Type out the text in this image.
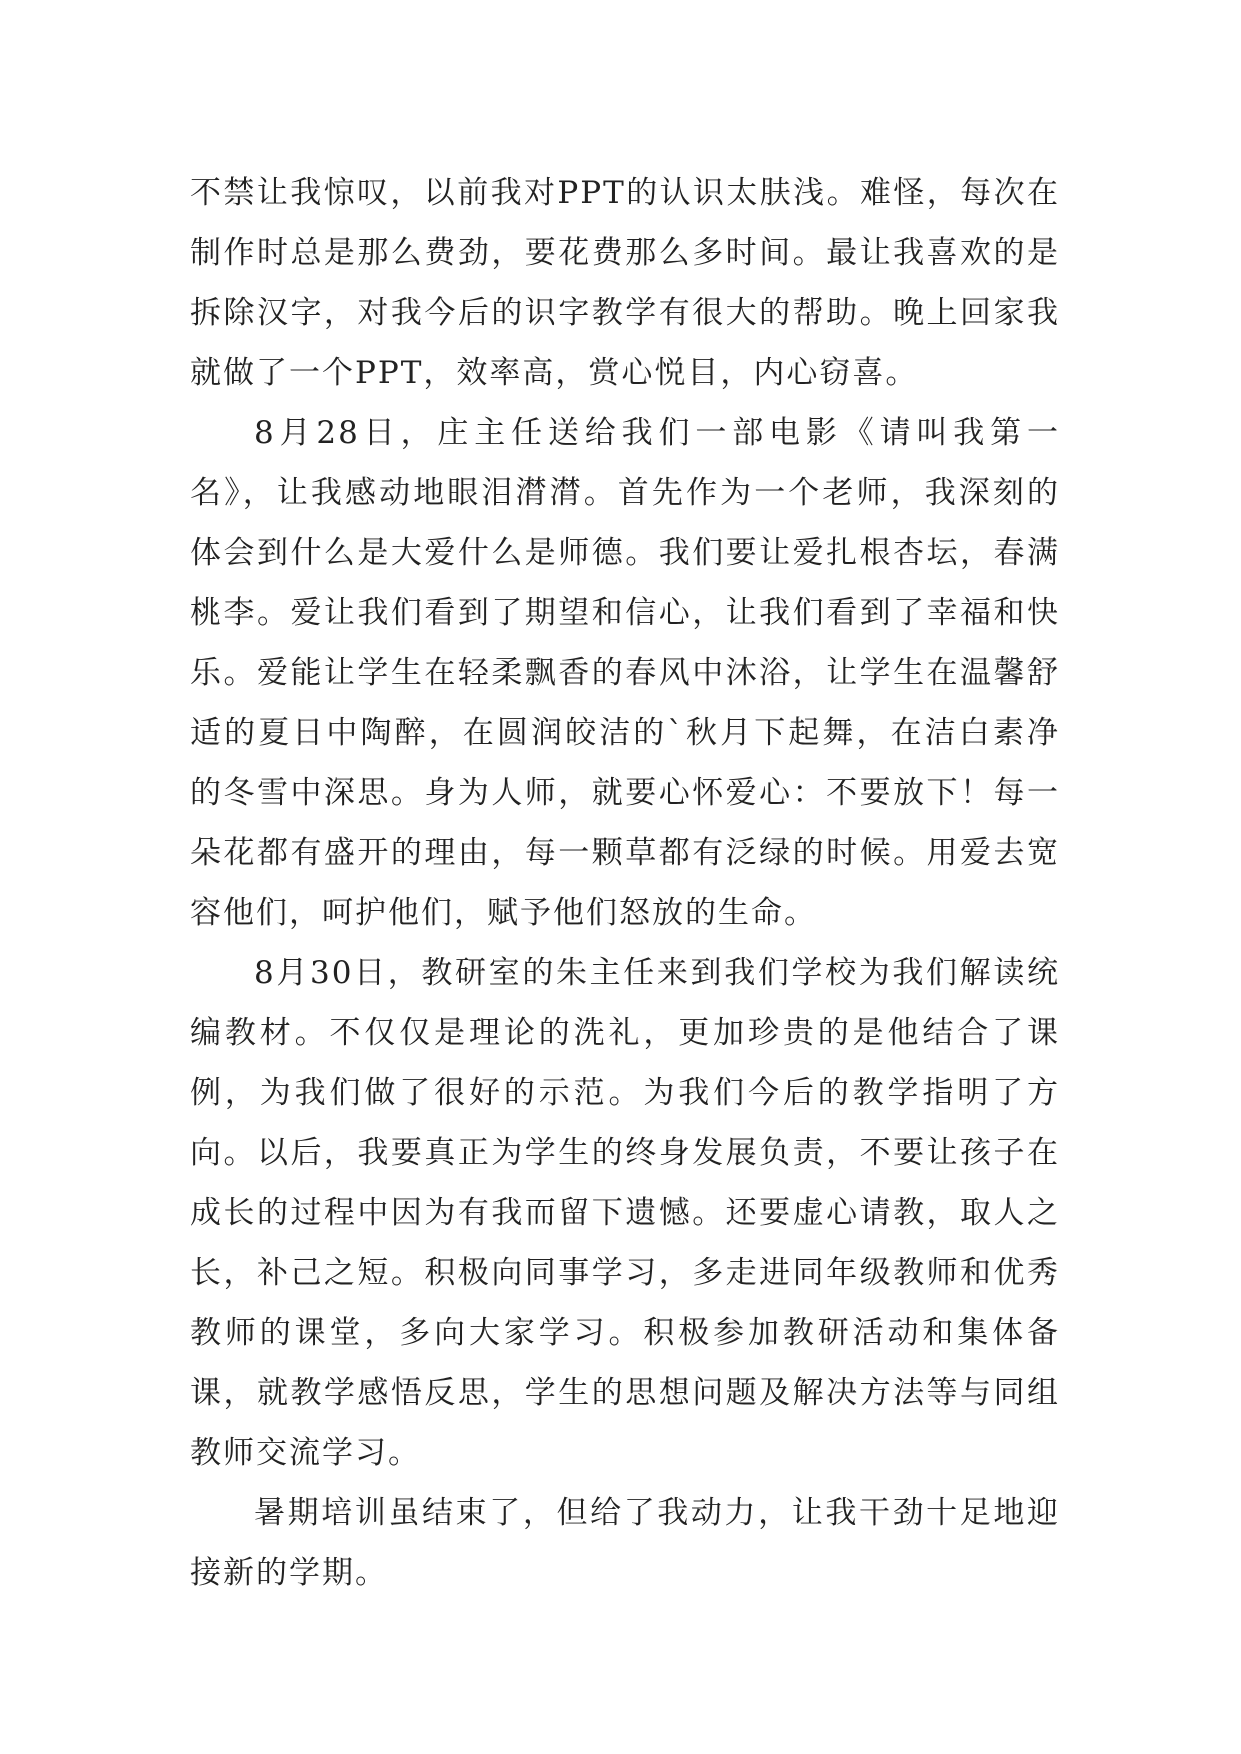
不禁让我惊叹，以前我对PPT的认识太肤浅。难怪，每次在制作时总是那么费劲，要花费那么多时间。最让我喜欢的是拆除汉字，对我今后的识字教学有很大的帮助。晚上回家我就做了一个PPT，效率高，赏心悦目，内心窃喜。

8月28日，庄主任送给我们一部电影《请叫我第一名》，让我感动地眼泪潸潸。首先作为一个老师，我深刻的体会到什么是大爱什么是师德。我们要让爱扎根杏坛，春满桃李。爱让我们看到了期望和信心，让我们看到了幸福和快乐。爱能让学生在轻柔飘香的春风中沐浴，让学生在温馨舒适的夏日中陶醉，在圆润皎洁的`秋月下起舞，在洁白素净的冬雪中深思。身为人师，就要心怀爱心：不要放下！每一朵花都有盛开的理由，每一颗草都有泛绿的时候。用爱去宽容他们，呵护他们，赋予他们怒放的生命。

8月30日，教研室的朱主任来到我们学校为我们解读统编教材。不仅仅是理论的洗礼，更加珍贵的是他结合了课例，为我们做了很好的示范。为我们今后的教学指明了方向。以后，我要真正为学生的终身发展负责，不要让孩子在成长的过程中因为有我而留下遗憾。还要虚心请教，取人之长，补己之短。积极向同事学习，多走进同年级教师和优秀教师的课堂，多向大家学习。积极参加教研活动和集体备课，就教学感悟反思，学生的思想问题及解决方法等与同组教师交流学习。

暑期培训虽结束了，但给了我动力，让我干劲十足地迎接新的学期。
